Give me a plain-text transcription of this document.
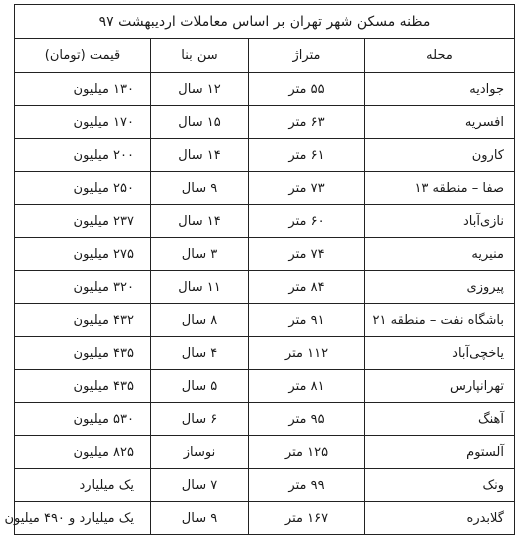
مظنه مسکن شهر تهران بر اساس معاملات اردیبهشت ۹۷			
محله	متراژ	سن بنا	قیمت (تومان)
جوادیه	۵۵ متر	۱۲ سال	۱۳۰ میلیون
افسریه	۶۳ متر	۱۵ سال	۱۷۰ میلیون
کارون	۶۱ متر	۱۴ سال	۲۰۰ میلیون
صفا – منطقه ۱۳	۷۳ متر	۹ سال	۲۵۰ میلیون
نازی‌آباد	۶۰ متر	۱۴ سال	۲۳۷ میلیون
منیریه	۷۴ متر	۳ سال	۲۷۵ میلیون
پیروزی	۸۴ متر	۱۱ سال	۳۲۰ میلیون
باشگاه نفت – منطقه ۲۱	۹۱ متر	۸ سال	۴۳۲ میلیون
یاخچی‌آباد	۱۱۲ متر	۴ سال	۴۳۵ میلیون
تهرانپارس	۸۱ متر	۵ سال	۴۳۵ میلیون
آهنگ	۹۵ متر	۶ سال	۵۳۰ میلیون
آلستوم	۱۲۵ متر	نوساز	۸۲۵ میلیون
ونک	۹۹ متر	۷ سال	یک میلیارد
گلابدره	۱۶۷ متر	۹ سال	یک میلیارد و ۴۹۰ میلیون
